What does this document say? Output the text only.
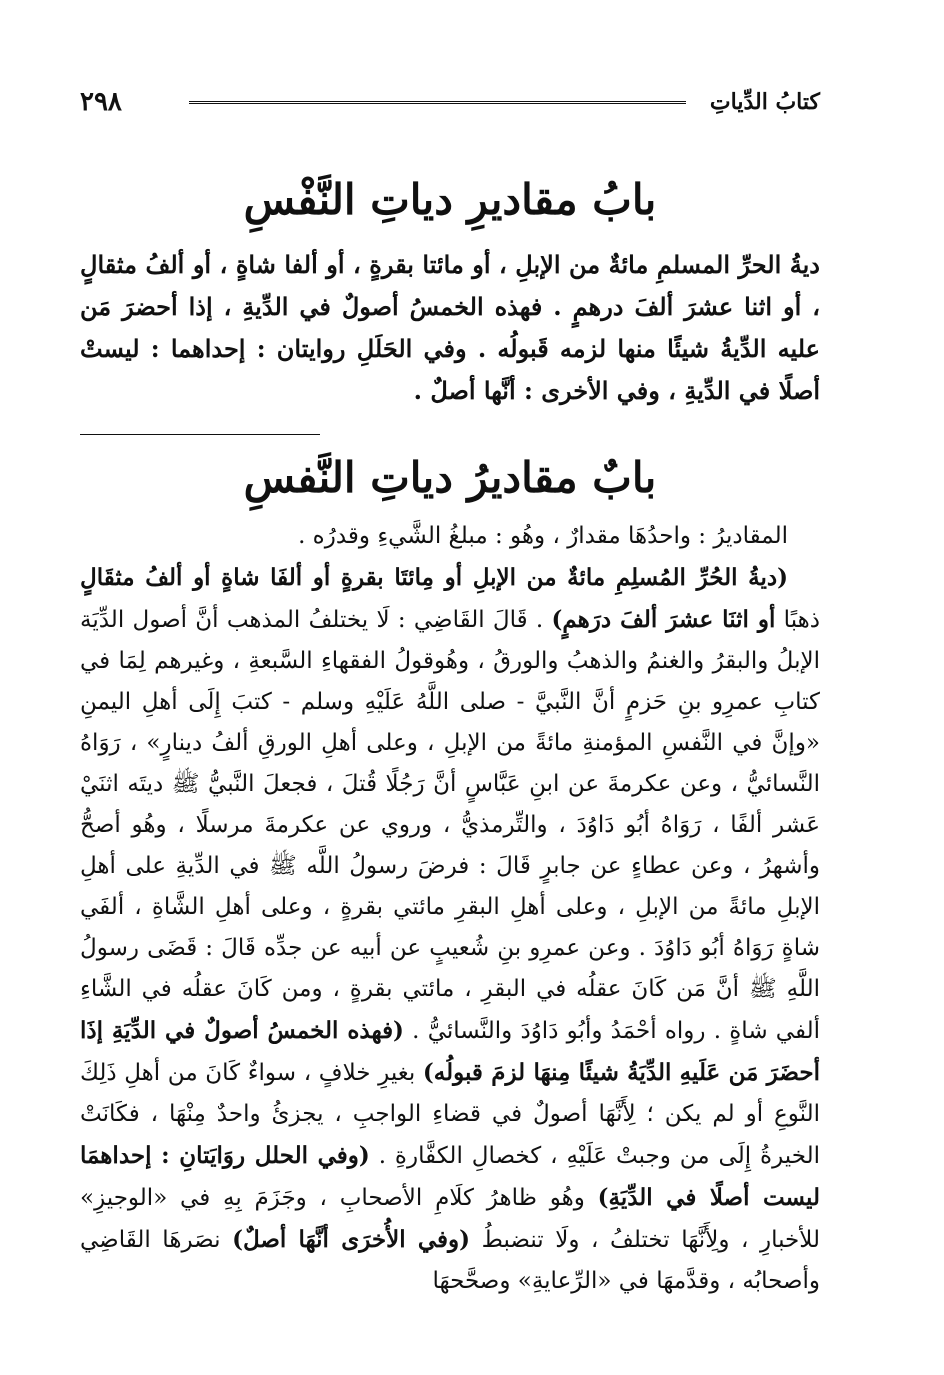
٢٩٨	كتابُ الدِّياتِ
بابُ مقاديرِ دياتِ النَّفْسِ

ديةُ الحرِّ المسلمِ مائةٌ من الإبلِ ، أو مائتا بقرةٍ ، أو ألفا شاةٍ ، أو ألفُ مثقالٍ ، أو اثنا عشرَ ألفَ درهمٍ . فهذه الخمسُ أصولٌ في الدِّيةِ ، إذا أحضرَ مَن عليه الدِّيةُ شيئًا منها لزمه قَبولُه . وفي الحَلَلِ روايتان : إحداهما : ليستْ أصلًا في الدِّيةِ ، وفي الأخرى : أنَّها أصلٌ .

بابٌ مقاديرُ دياتِ النَّفسِ

المقاديرُ : واحدُهَا مقدارٌ ، وهُو : مبلغُ الشَّيءِ وقدرُه .

(ديةُ الحُرِّ المُسلِمِ مائةٌ من الإبلِ أو مِائتَا بقرةٍ أو ألفَا شاةٍ أو ألفُ مثقَالٍ ذهبًا أو اثنَا عشرَ ألفَ درَهمٍ) . قَالَ القَاضِي : لَا يختلفُ المذهب أنَّ أصول الدِّيَة الإبلُ والبقرُ والغنمُ والذهبُ والورقُ ، وهُوقولُ الفقهاءِ السَّبعةِ ، وغيرهم لِمَا في كتابِ عمرِو بنِ حَزمٍ أنَّ النَّبيَّ - صلى اللَّهُ عَلَيْهِ وسلم - كتبَ إِلَى أهلِ اليمنِ «وإنَّ في النَّفسِ المؤمنةِ مائةً من الإبلِ ، وعلى أهلِ الورقِ ألفُ دينارٍ» ، رَوَاهُ النَّسائيُّ ، وعن عكرمةَ عن ابنِ عَبَّاسٍ أنَّ رَجُلًا قُتلَ ، فجعلَ النَّبيُّ ﷺ ديتَه اثنَيْ عَشر ألفًا ، رَوَاهُ أبُو دَاوُدَ ، والتِّرمذيُّ ، وروي عن عكرمةَ مرسلًا ، وهُو أصحُّ وأشهرُ ، وعن عطاءٍ عن جابرٍ قَالَ : فرضَ رسولُ اللَّه ﷺ في الدِّيةِ على أهلِ الإبلِ مائةً من الإبلِ ، وعلى أهلِ البقرِ مائتي بقرةٍ ، وعلى أهلِ الشَّاةِ ، ألفَي شاةٍ رَوَاهُ أبُو دَاوُدَ . وعن عمرِو بنِ شُعيبٍ عن أبيه عن جدِّه قَالَ : قَضَى رسولُ اللَّهِ ﷺ أنَّ مَن كَانَ عقلُه في البقرِ ، مائتي بقرةٍ ، ومن كَانَ عقلُه في الشَّاءِ ألفي شاةٍ . رواه أحْمَدُ وأبُو دَاوُدَ والنَّسائيُّ . (فهذه الخمسُ أصولٌ في الدِّيَةِ إذَا أحضَرَ مَن عَلَيهِ الدِّيَةُ شيئًا مِنهَا لزمَ قبولُه) بغيرِ خلافٍ ، سواءٌ كَانَ من أهلِ ذَلِكَ النَّوعِ أو لم يكن ؛ لِأَنَّهَا أصولٌ في قضاءِ الواجبِ ، يجزئُ واحدٌ مِنْهَا ، فكَانَتْ الخيرةُ إِلَى من وجبتْ عَلَيْهِ ، كخصالِ الكفَّارةِ . (وفي الحلل روَايَتانِ : إحداهمَا ليست أصلًا في الدِّيَةِ) وهُو ظاهرُ كلَامِ الأصحابِ ، وجَزَمَ بِهِ في «الوجيزِ» للأخبارِ ، ولِأَنَّهَا تختلفُ ، ولَا تنضبطُ (وفي الأُخرَى أنَّهَا أصلٌ) نصَرهَا القَاضِي وأصحابُه ، وقدَّمهَا في «الرِّعايةِ» وصحَّحهَا
